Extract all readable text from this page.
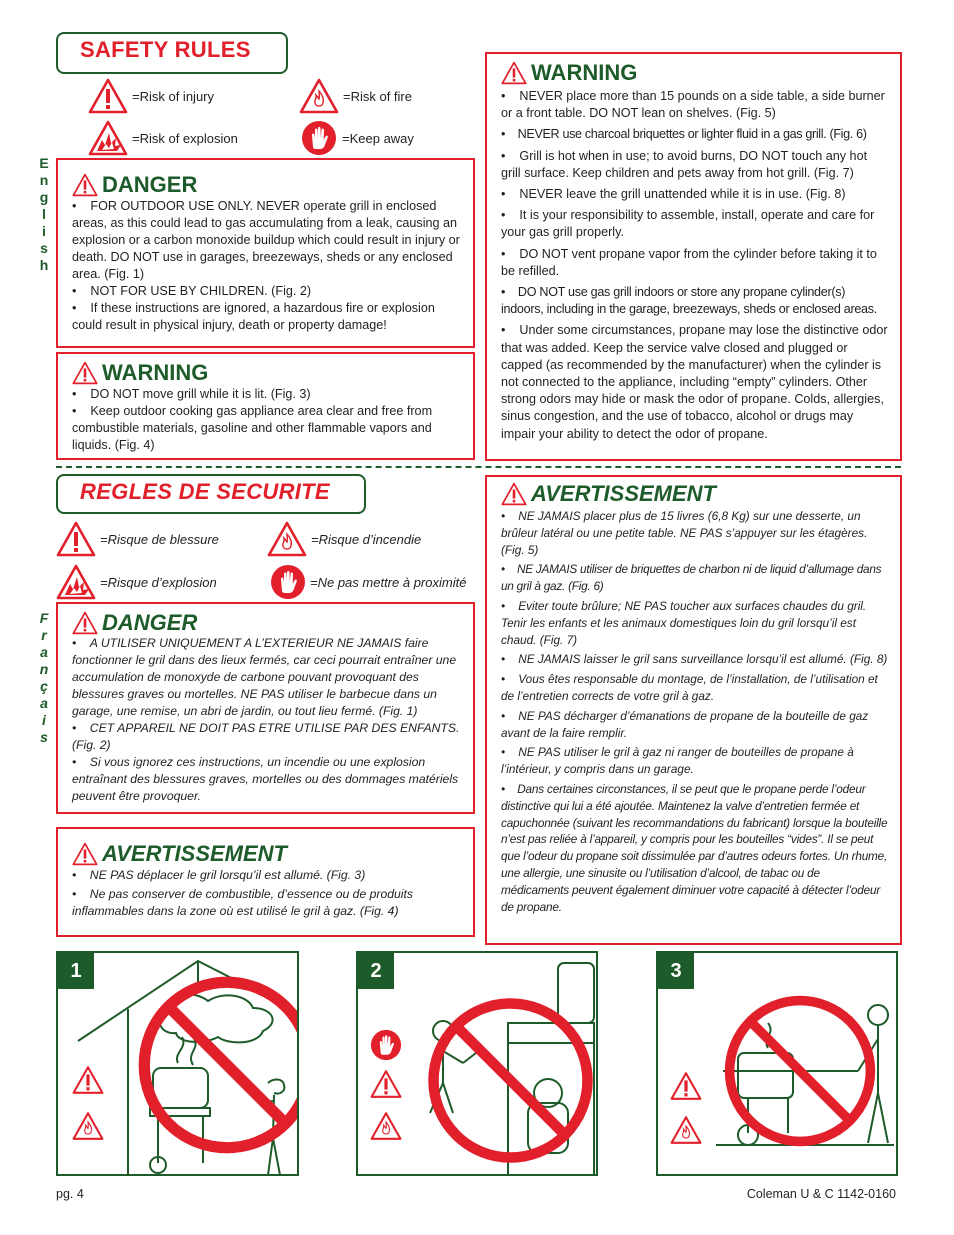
SAFETY RULES
E
n
g
l
i
s
h
=Risk of injury	=Risk of fire
=Risk of explosion	=Keep away
DANGER

•    FOR OUTDOOR USE ONLY. NEVER operate grill in enclosed areas, as this could lead to gas accumulating from a leak, causing an explosion or a carbon monoxide buildup which could result in injury or death. DO NOT use in garages, breezeways, sheds or any enclosed area. (Fig. 1)

•    NOT FOR USE BY CHILDREN. (Fig. 2)

•    If these instructions are ignored, a hazardous fire or explosion could result in physical injury, death or property damage!

WARNING

•    DO NOT move grill while it is lit. (Fig. 3)

•    Keep outdoor cooking gas appliance area clear and free from combustible materials, gasoline and other flammable vapors and liquids. (Fig. 4)

WARNING

•    NEVER place more than 15 pounds on a side table, a side burner or a front table. DO NOT lean on shelves. (Fig. 5)

•    NEVER use charcoal briquettes or lighter fluid in a gas grill. (Fig. 6)

•    Grill is hot when in use; to avoid burns, DO NOT touch any hot grill surface. Keep children and pets away from hot grill. (Fig. 7)

•    NEVER leave the grill unattended while it is in use. (Fig. 8)

•    It is your responsibility to assemble, install, operate and care for your gas grill properly.

•    DO NOT vent propane vapor from the cylinder before taking it to be refilled.

•    DO NOT use gas grill indoors or store any propane cylinder(s) indoors, including in the garage, breezeways, sheds or enclosed areas.

•    Under some circumstances, propane may lose the distinctive odor that was added. Keep the service valve closed and plugged or capped (as recommended by the manufacturer) when the cylinder is not connected to the appliance, including “empty” cylinders. Other strong odors may hide or mask the odor of propane. Colds, allergies, sinus congestion, and the use of tobacco, alcohol or drugs may impair your ability to detect the odor of propane.

REGLES DE SECURITE
F
r
a
n
ç
a
i
s
=Risque de blessure	=Risque d’incendie
=Risque d’explosion	=Ne pas mettre à proximité
DANGER

•    A UTILISER UNIQUEMENT A L’EXTERIEUR NE JAMAIS faire fonctionner le gril dans des lieux fermés, car ceci pourrait entraîner une accumulation de monoxyde de carbone pouvant provoquant des blessures graves ou mortelles. NE PAS utiliser le barbecue dans un garage, une remise, un abri de jardin, ou tout lieu fermé. (Fig. 1)

•    CET APPAREIL NE DOIT PAS ETRE UTILISE PAR DES ENFANTS. (Fig. 2)

•    Si vous ignorez ces instructions, un incendie ou une explosion entraînant des blessures graves, mortelles ou des dommages matériels peuvent être provoquer.

AVERTISSEMENT

•    NE PAS déplacer le gril lorsqu’il est allumé. (Fig. 3)

•    Ne pas conserver de combustible, d’essence ou de produits inflammables dans la zone où est utilisé le gril à gaz. (Fig. 4)

AVERTISSEMENT

•    NE JAMAIS placer plus de 15 livres (6,8 Kg) sur une desserte, un brûleur latéral ou une petite table. NE PAS s’appuyer sur les étagères. (Fig. 5)

•    NE JAMAIS utiliser de briquettes de charbon ni de liquid d’allumage dans un gril à gaz. (Fig. 6)

•    Eviter toute brûlure; NE PAS toucher aux surfaces chaudes du gril. Tenir les enfants et les animaux domestiques loin du gril lorsqu’il est chaud. (Fig. 7)

•    NE JAMAIS laisser le gril sans surveillance lorsqu’il est allumé. (Fig. 8)

•    Vous êtes responsable du montage, de l’installation, de l’utilisation et de l’entretien corrects de votre gril à gaz.

•    NE PAS décharger d’émanations de propane de la bouteille de gaz avant de la faire remplir.

•    NE PAS utiliser le gril à gaz ni ranger de bouteilles de propane à l’intérieur, y compris dans un garage.

•    Dans certaines circonstances, il se peut que le propane perde l’odeur distinctive qui lui a été ajoutée. Maintenez la valve d’entretien fermée et capuchonnée (suivant les recommandations du fabricant) lorsque la bouteille n’est pas reliée à l’appareil, y compris pour les bouteilles “vides”. Il se peut que l’odeur du propane soit dissimulée par d’autres odeurs fortes. Un rhume, une allergie, une sinusite ou l’utilisation d’alcool, de tabac ou de médicaments peuvent également diminuer votre capacité à détecter l’odeur de propane.

1	2	3
pg. 4	Coleman U & C 1142-0160
